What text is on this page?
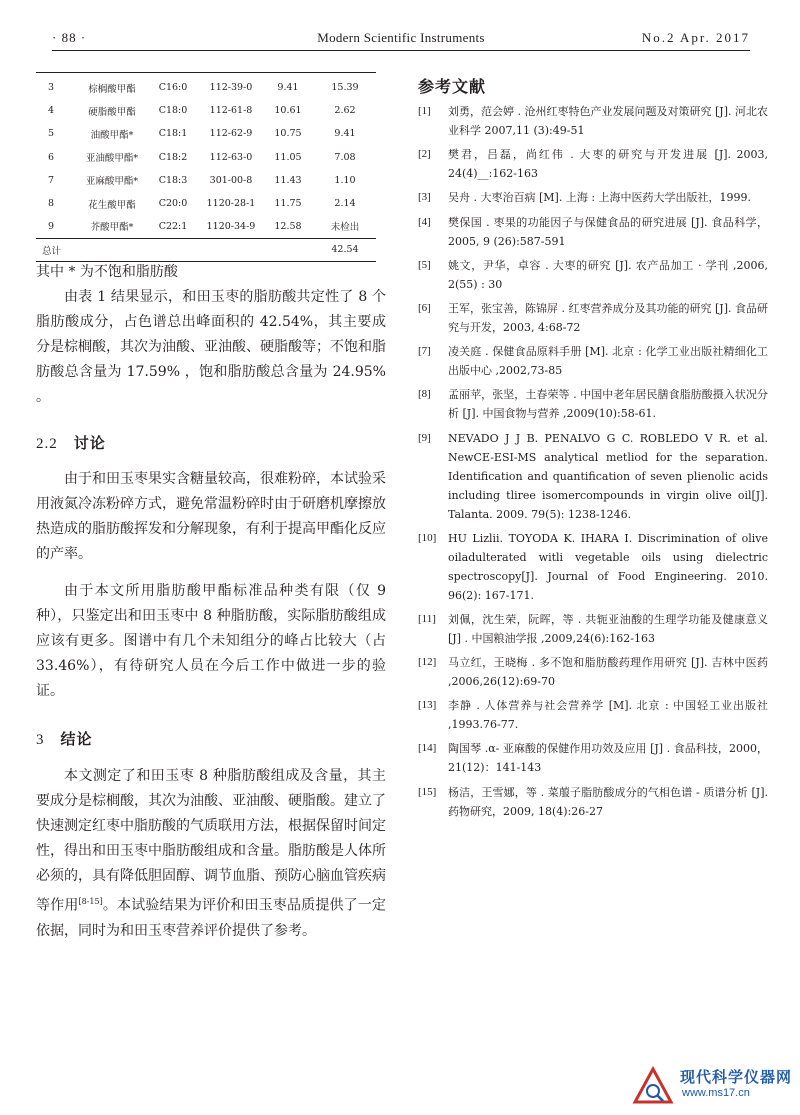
· 88 ·	Modern Scientific Instruments	No.2 Apr. 2017
3	棕榈酸甲酯	C16:0	112-39-0	9.41	15.39
4	硬脂酸甲酯	C18:0	112-61-8	10.61	2.62
5	油酸甲酯*	C18:1	112-62-9	10.75	9.41
6	亚油酸甲酯*	C18:2	112-63-0	11.05	7.08
7	亚麻酸甲酯*	C18:3	301-00-8	11.43	1.10
8	花生酸甲酯	C20:0	1120-28-1	11.75	2.14
9	芥酸甲酯*	C22:1	1120-34-9	12.58	未检出
总计					42.54
其中 * 为不饱和脂肪酸
由表 1 结果显示，和田玉枣的脂肪酸共定性了 8 个脂肪酸成分，占色谱总出峰面积的 42.54%，其主要成分是棕榈酸，其次为油酸、亚油酸、硬脂酸等；不饱和脂肪酸总含量为 17.59% ，饱和脂肪酸总含量为 24.95% 。
2.2 讨论
由于和田玉枣果实含糖量较高，很难粉碎，本试验采用液氮冷冻粉碎方式，避免常温粉碎时由于研磨机摩擦放热造成的脂肪酸挥发和分解现象，有利于提高甲酯化反应的产率。
由于本文所用脂肪酸甲酯标准品种类有限（仅 9 种），只鉴定出和田玉枣中 8 种脂肪酸，实际脂肪酸组成应该有更多。图谱中有几个未知组分的峰占比较大（占 33.46%），有待研究人员在今后工作中做进一步的验证。
3 结论
本文测定了和田玉枣 8 种脂肪酸组成及含量，其主要成分是棕榈酸，其次为油酸、亚油酸、硬脂酸。建立了快速测定红枣中脂肪酸的气质联用方法，根据保留时间定性，得出和田玉枣中脂肪酸组成和含量。脂肪酸是人体所必须的，具有降低胆固醇、调节血脂、预防心脑血管疾病等作用[8-15]。本试验结果为评价和田玉枣品质提供了一定依据，同时为和田玉枣营养评价提供了参考。
参考文献
[1] 刘勇，范会婷 . 沧州红枣特色产业发展问题及对策研究 [J]. 河北农业科学 2007,11 (3):49-51
[2] 樊君，吕磊，尚红伟 . 大枣的研究与开发进展 [J]. 2003, 24(4)__:162-163
[3] 吴舟 . 大枣治百病 [M]. 上海 : 上海中医药大学出版社，1999.
[4] 樊保国 . 枣果的功能因子与保健食品的研究进展 [J]. 食品科学，2005, 9 (26):587-591
[5] 姚文，尹华，卓容 . 大枣的研究 [J]. 农产品加工 · 学刊 ,2006, 2(55) : 30
[6] 王军，张宝善，陈锦屏 . 红枣营养成分及其功能的研究 [J]. 食品研究与开发，2003, 4:68-72
[7] 凌关庭 . 保健食品原料手册 [M]. 北京 : 化学工业出版社精细化工出版中心 ,2002,73-85
[8] 孟丽苹，张坚，土春荣等 . 中国中老年居民膳食脂肪酸摄入状况分析 [J]. 中国食物与营养 ,2009(10):58-61.
[9] NEVADO J J B. PENALVO G C. ROBLEDO V R. et al. NewCE-ESI-MS analytical metliod for the separation. Identification and quantification of seven plienolic acids including tliree isomercompounds in virgin olive oil[J]. Talanta. 2009. 79(5): 1238-1246.
[10] HU Lizlii. TOYODA K. IHARA I. Discrimination of olive oiladulterated witli vegetable oils using dielectric spectroscopy[J]. Journal of Food Engineering. 2010. 96(2): 167-171.
[11] 刘佩，沈生荣，阮晖，等 . 共轭亚油酸的生理学功能及健康意义 [J] . 中国粮油学报 ,2009,24(6):162-163
[12] 马立红，王晓梅 . 多不饱和脂肪酸药理作用研究 [J]. 吉林中医药 ,2006,26(12):69-70
[13] 李静 . 人体营养与社会营养学 [M]. 北京 : 中国轻工业出版社 ,1993.76-77.
[14] 陶国琴 .α- 亚麻酸的保健作用功效及应用 [J] . 食品科技，2000，21(12)：141-143
[15] 杨洁，王雪娜，等 . 菜菔子脂肪酸成分的气相色谱 - 质谱分析 [J]. 药物研究，2009, 18(4):26-27
现代科学仪器网
www.ms17.cn
